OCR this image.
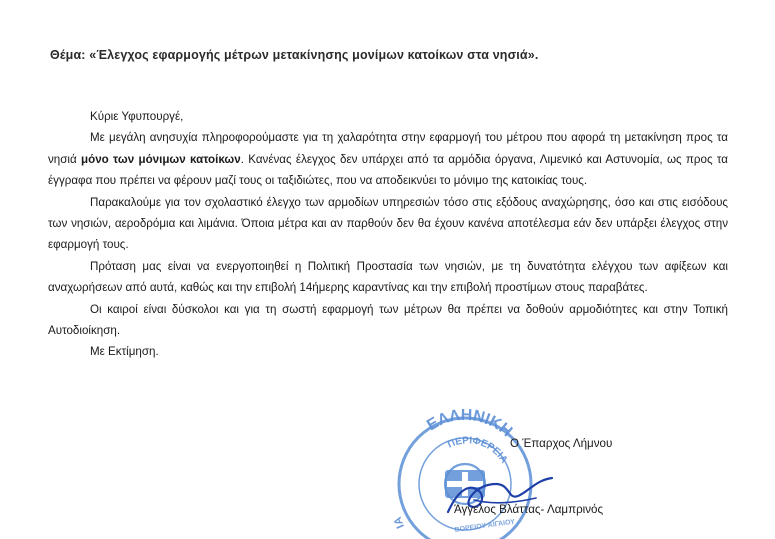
Θέμα: «Έλεγχος εφαρμογής μέτρων μετακίνησης μονίμων κατοίκων στα νησιά».

Κύριε Υφυπουργέ,

Με μεγάλη ανησυχία πληροφορούμαστε για τη χαλαρότητα στην εφαρμογή του μέτρου που αφορά τη μετακίνηση προς τα νησιά μόνο των μόνιμων κατοίκων. Κανένας έλεγχος δεν υπάρχει από τα αρμόδια όργανα, Λιμενικό και Αστυνομία, ως προς τα έγγραφα που πρέπει να φέρουν μαζί τους οι ταξιδιώτες, που να αποδεικνύει το μόνιμο της κατοικίας τους.

Παρακαλούμε για τον σχολαστικό έλεγχο των αρμοδίων υπηρεσιών τόσο στις εξόδους αναχώρησης, όσο και στις εισόδους των νησιών, αεροδρόμια και λιμάνια. Όποια μέτρα και αν παρθούν δεν θα έχουν κανένα αποτέλεσμα εάν δεν υπάρξει έλεγχος στην εφαρμογή τους.

Πρόταση μας είναι να ενεργοποιηθεί η Πολιτική Προστασία των νησιών, με τη δυνατότητα ελέγχου των αφίξεων και αναχωρήσεων από αυτά, καθώς και την επιβολή 14ήμερης καραντίνας και την επιβολή προστίμων στους παραβάτες.

Οι καιροί είναι δύσκολοι και για τη σωστή εφαρμογή των μέτρων θα πρέπει να δοθούν αρμοδιότητες και στην Τοπική Αυτοδιοίκηση.

Με Εκτίμηση.

ΕΛΛΗΝΙΚΗ
ΠΕΡΙΦΕΡΕΙΑ
ΙΑ	ΒΟΡΕΙΟΥ ΑΙΓΑΙΟΥ
Ο Έπαρχος Λήμνου
Άγγελος Βλάττας- Λαμπρινός
